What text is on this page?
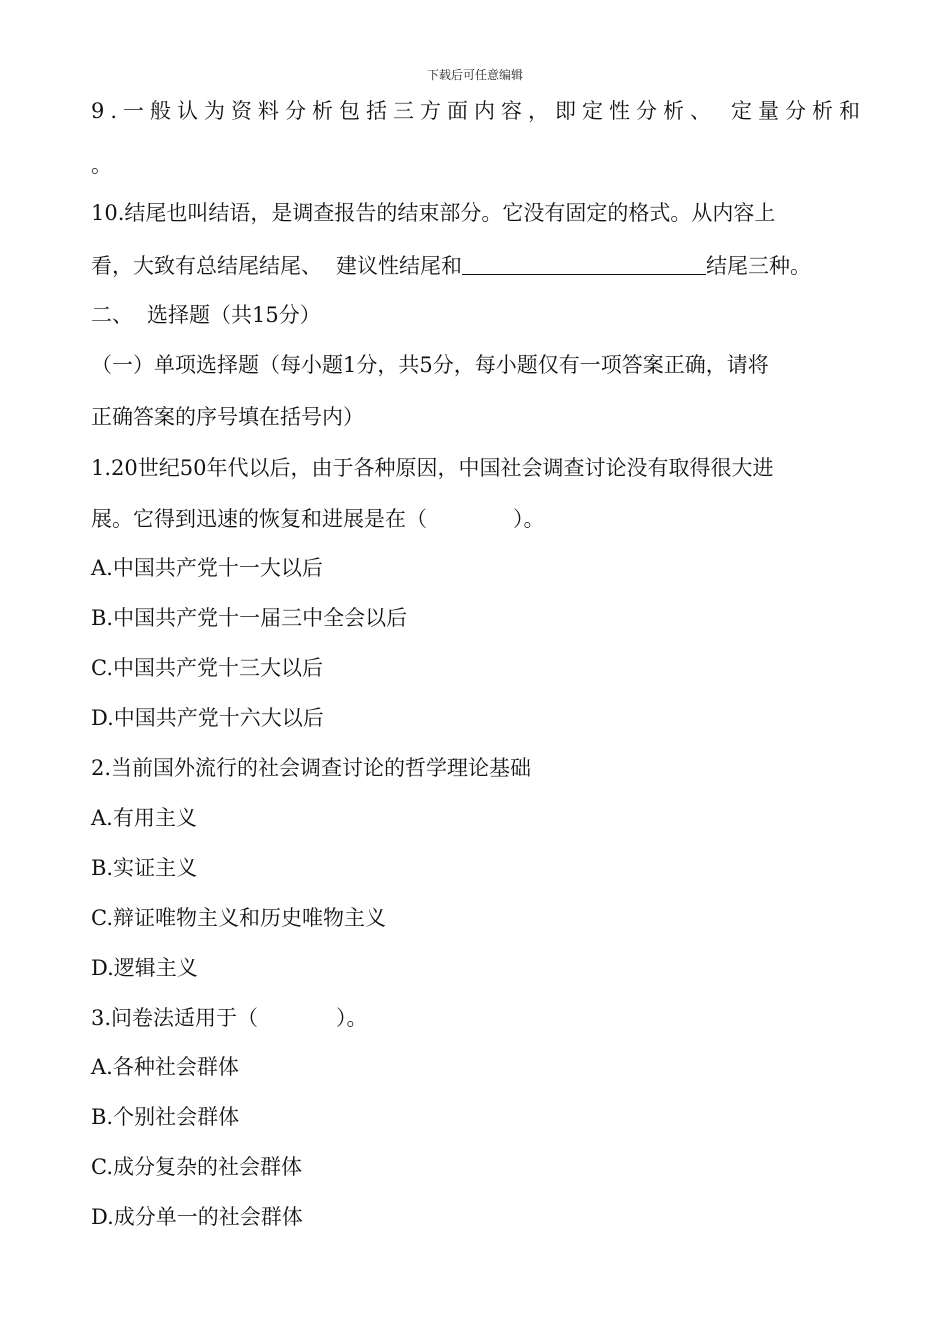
下载后可任意编辑
9.一般认为资料分析包括三方面内容，即定性分析、 定量分析和
。
10.结尾也叫结语，是调查报告的结束部分。它没有固定的格式。从内容上
看，大致有总结尾结尾、 建议性结尾和	结尾三种。
二、 选择题（共15分）
（一）单项选择题（每小题1分，共5分，每小题仅有一项答案正确，请将
正确答案的序号填在括号内）
1.20世纪50年代以后，由于各种原因，中国社会调查讨论没有取得很大进
展。它得到迅速的恢复和进展是在（	）。
A.中国共产党十一大以后
B.中国共产党十一届三中全会以后
C.中国共产党十三大以后
D.中国共产党十六大以后
2.当前国外流行的社会调查讨论的哲学理论基础
A.有用主义
B.实证主义
C.辩证唯物主义和历史唯物主义
D.逻辑主义
3.问卷法适用于（	）。
A.各种社会群体
B.个别社会群体
C.成分复杂的社会群体
D.成分单一的社会群体
